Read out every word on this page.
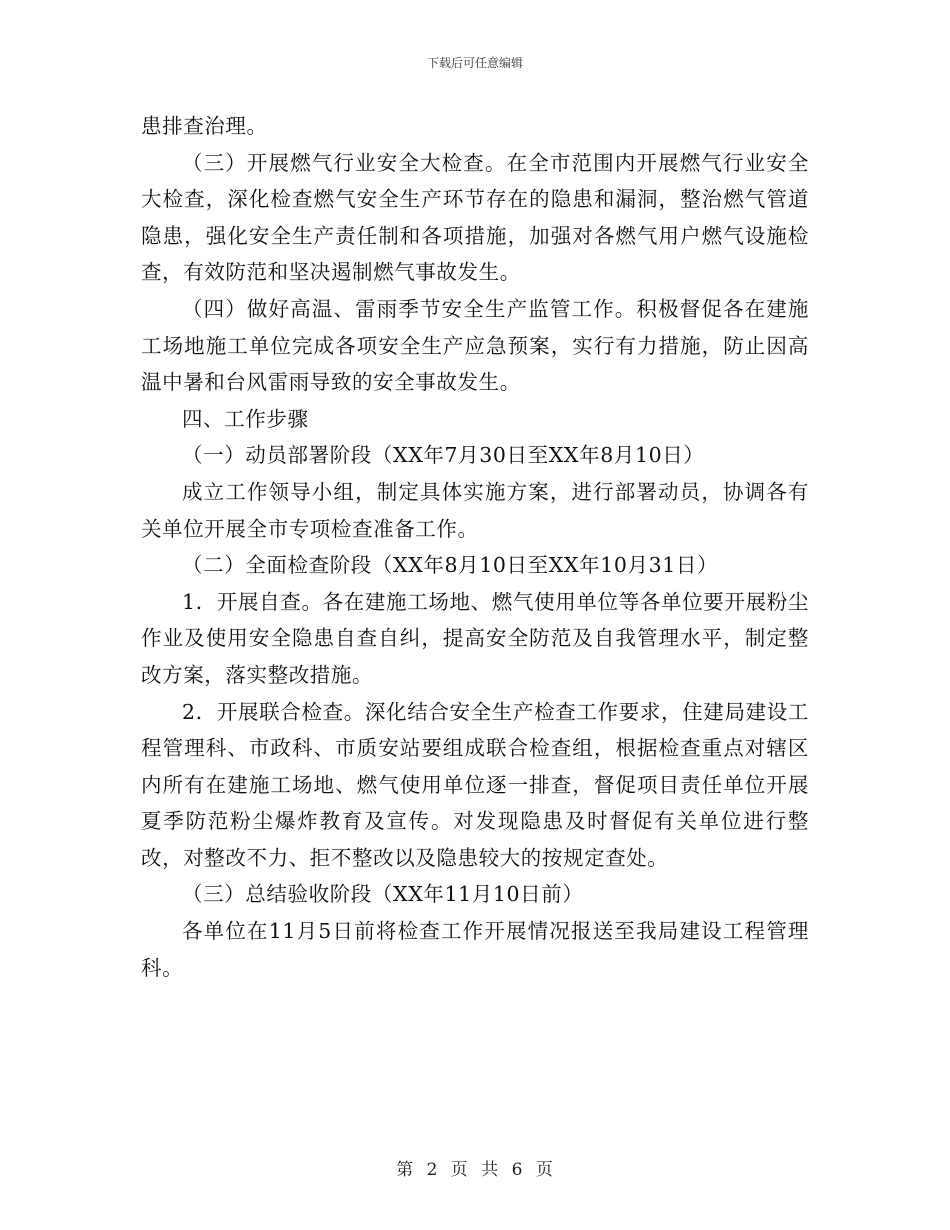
下载后可任意编辑

患排查治理。

（三）开展燃气行业安全大检查。在全市范围内开展燃气行业安全大检查，深化检查燃气安全生产环节存在的隐患和漏洞，整治燃气管道隐患，强化安全生产责任制和各项措施，加强对各燃气用户燃气设施检查，有效防范和坚决遏制燃气事故发生。

（四）做好高温、雷雨季节安全生产监管工作。积极督促各在建施工场地施工单位完成各项安全生产应急预案，实行有力措施，防止因高温中暑和台风雷雨导致的安全事故发生。

四、工作步骤

（一）动员部署阶段（XX年7月30日至XX年8月10日）

成立工作领导小组，制定具体实施方案，进行部署动员，协调各有关单位开展全市专项检查准备工作。

（二）全面检查阶段（XX年8月10日至XX年10月31日）

1．开展自查。各在建施工场地、燃气使用单位等各单位要开展粉尘作业及使用安全隐患自查自纠，提高安全防范及自我管理水平，制定整改方案，落实整改措施。

2．开展联合检查。深化结合安全生产检查工作要求，住建局建设工程管理科、市政科、市质安站要组成联合检查组，根据检查重点对辖区内所有在建施工场地、燃气使用单位逐一排查，督促项目责任单位开展夏季防范粉尘爆炸教育及宣传。对发现隐患及时督促有关单位进行整改，对整改不力、拒不整改以及隐患较大的按规定查处。

（三）总结验收阶段（XX年11月10日前）

各单位在11月5日前将检查工作开展情况报送至我局建设工程管理科。

第 2 页 共 6 页
